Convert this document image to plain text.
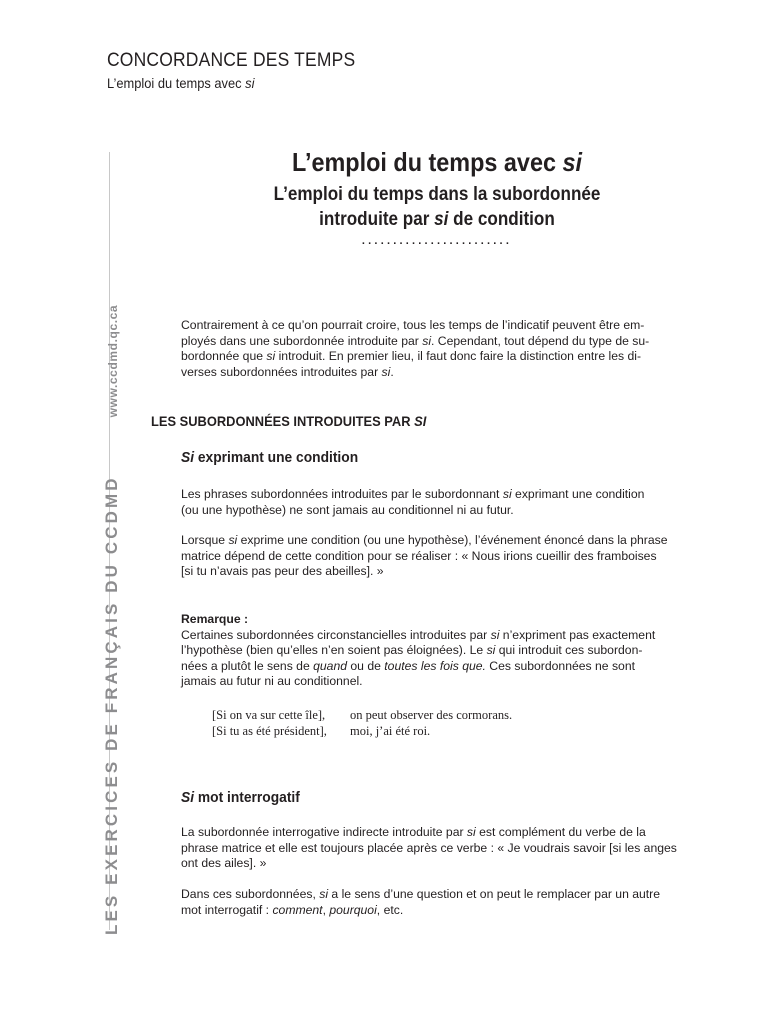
CONCORDANCE DES TEMPS
L’emploi du temps avec si
LES EXERCICES DE FRANÇAIS DU CCDMDwww.ccdmd.qc.ca
L’emploi du temps avec si
L’emploi du temps dans la subordonnée
introduite par si de condition
........................

Contrairement à ce qu’on pourrait croire, tous les temps de l’indicatif peuvent être em-

ployés dans une subordonnée introduite par si. Cependant, tout dépend du type de su-

bordonnée que si introduit. En premier lieu, il faut donc faire la distinction entre les di-

verses subordonnées introduites par si.

LES SUBORDONNÉES INTRODUITES PAR SI
Si exprimant une condition

Les phrases subordonnées introduites par le subordonnant si exprimant une condition

(ou une hypothèse) ne sont jamais au conditionnel ni au futur.

Lorsque si exprime une condition (ou une hypothèse), l’événement énoncé dans la phrase

matrice dépend de cette condition pour se réaliser : « Nous irions cueillir des framboises

[si tu n’avais pas peur des abeilles]. »

Remarque :

Certaines subordonnées circonstancielles introduites par si n’expriment pas exactement

l’hypothèse (bien qu’elles n’en soient pas éloignées). Le si qui introduit ces subordon-

nées a plutôt le sens de quand ou de toutes les fois que. Ces subordonnées ne sont

jamais au futur ni au conditionnel.

[Si on va sur cette île], on peut observer des cormorans.
[Si tu as été président], moi, j’ai été roi.
Si mot interrogatif

La subordonnée interrogative indirecte introduite par si est complément du verbe de la

phrase matrice et elle est toujours placée après ce verbe : « Je voudrais savoir [si les anges

ont des ailes]. »

Dans ces subordonnées, si a le sens d’une question et on peut le remplacer par un autre

mot interrogatif : comment, pourquoi, etc.
